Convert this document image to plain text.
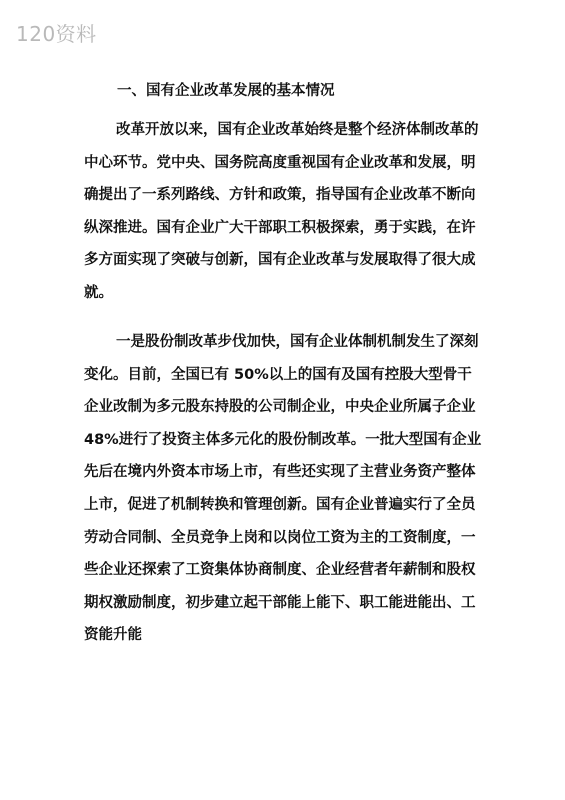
120资料
一、国有企业改革发展的基本情况

改革开放以来，国有企业改革始终是整个经济体制改革的中心环节。党中央、国务院高度重视国有企业改革和发展，明确提出了一系列路线、方针和政策，指导国有企业改革不断向纵深推进。国有企业广大干部职工积极探索，勇于实践，在许多方面实现了突破与创新，国有企业改革与发展取得了很大成就。

一是股份制改革步伐加快，国有企业体制机制发生了深刻变化。目前，全国已有 50%以上的国有及国有控股大型骨干企业改制为多元股东持股的公司制企业，中央企业所属子企业 48%进行了投资主体多元化的股份制改革。一批大型国有企业先后在境内外资本市场上市，有些还实现了主营业务资产整体上市，促进了机制转换和管理创新。国有企业普遍实行了全员劳动合同制、全员竞争上岗和以岗位工资为主的工资制度，一些企业还探索了工资集体协商制度、企业经营者年薪制和股权期权激励制度，初步建立起干部能上能下、职工能进能出、工资能升能
